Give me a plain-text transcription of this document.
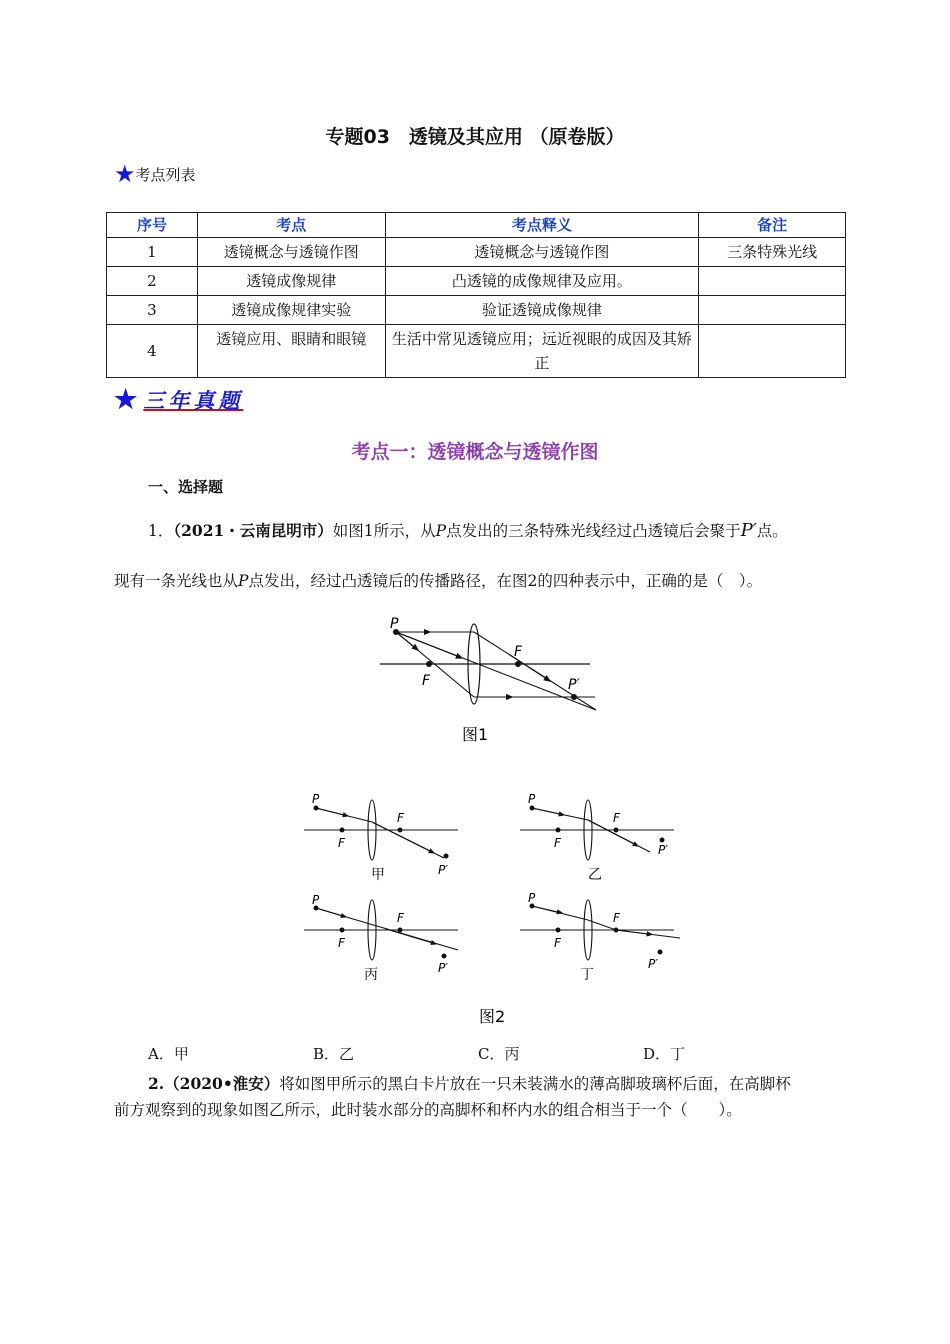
专题03　透镜及其应用 （原卷版）
★ 考点列表
序号	考点	考点释义	备注
1	透镜概念与透镜作图	透镜概念与透镜作图	三条特殊光线
2	透镜成像规律	凸透镜的成像规律及应用。	
3	透镜成像规律实验	验证透镜成像规律	
4	透镜应用、眼睛和眼镜	生活中常见透镜应用；远近视眼的成因及其矫正	
★ 三年真题
考点一：透镜概念与透镜作图
一、选择题
1．（2021・云南昆明市）如图1所示，从P点发出的三条特殊光线经过凸透镜后会聚于P′点。
现有一条光线也从P点发出，经过凸透镜后的传播路径，在图2的四种表示中，正确的是（　）。
P
F
F
P′
图1
P
F
F
P′
甲
P
F
F
P′
乙
P
F
F
P′
丙
P
F
F
P′
丁
图2
A．甲	B．乙	C．丙	D．丁
2.（2020•淮安）将如图甲所示的黑白卡片放在一只未装满水的薄高脚玻璃杯后面，在高脚杯
前方观察到的现象如图乙所示，此时装水部分的高脚杯和杯内水的组合相当于一个（　　）。
